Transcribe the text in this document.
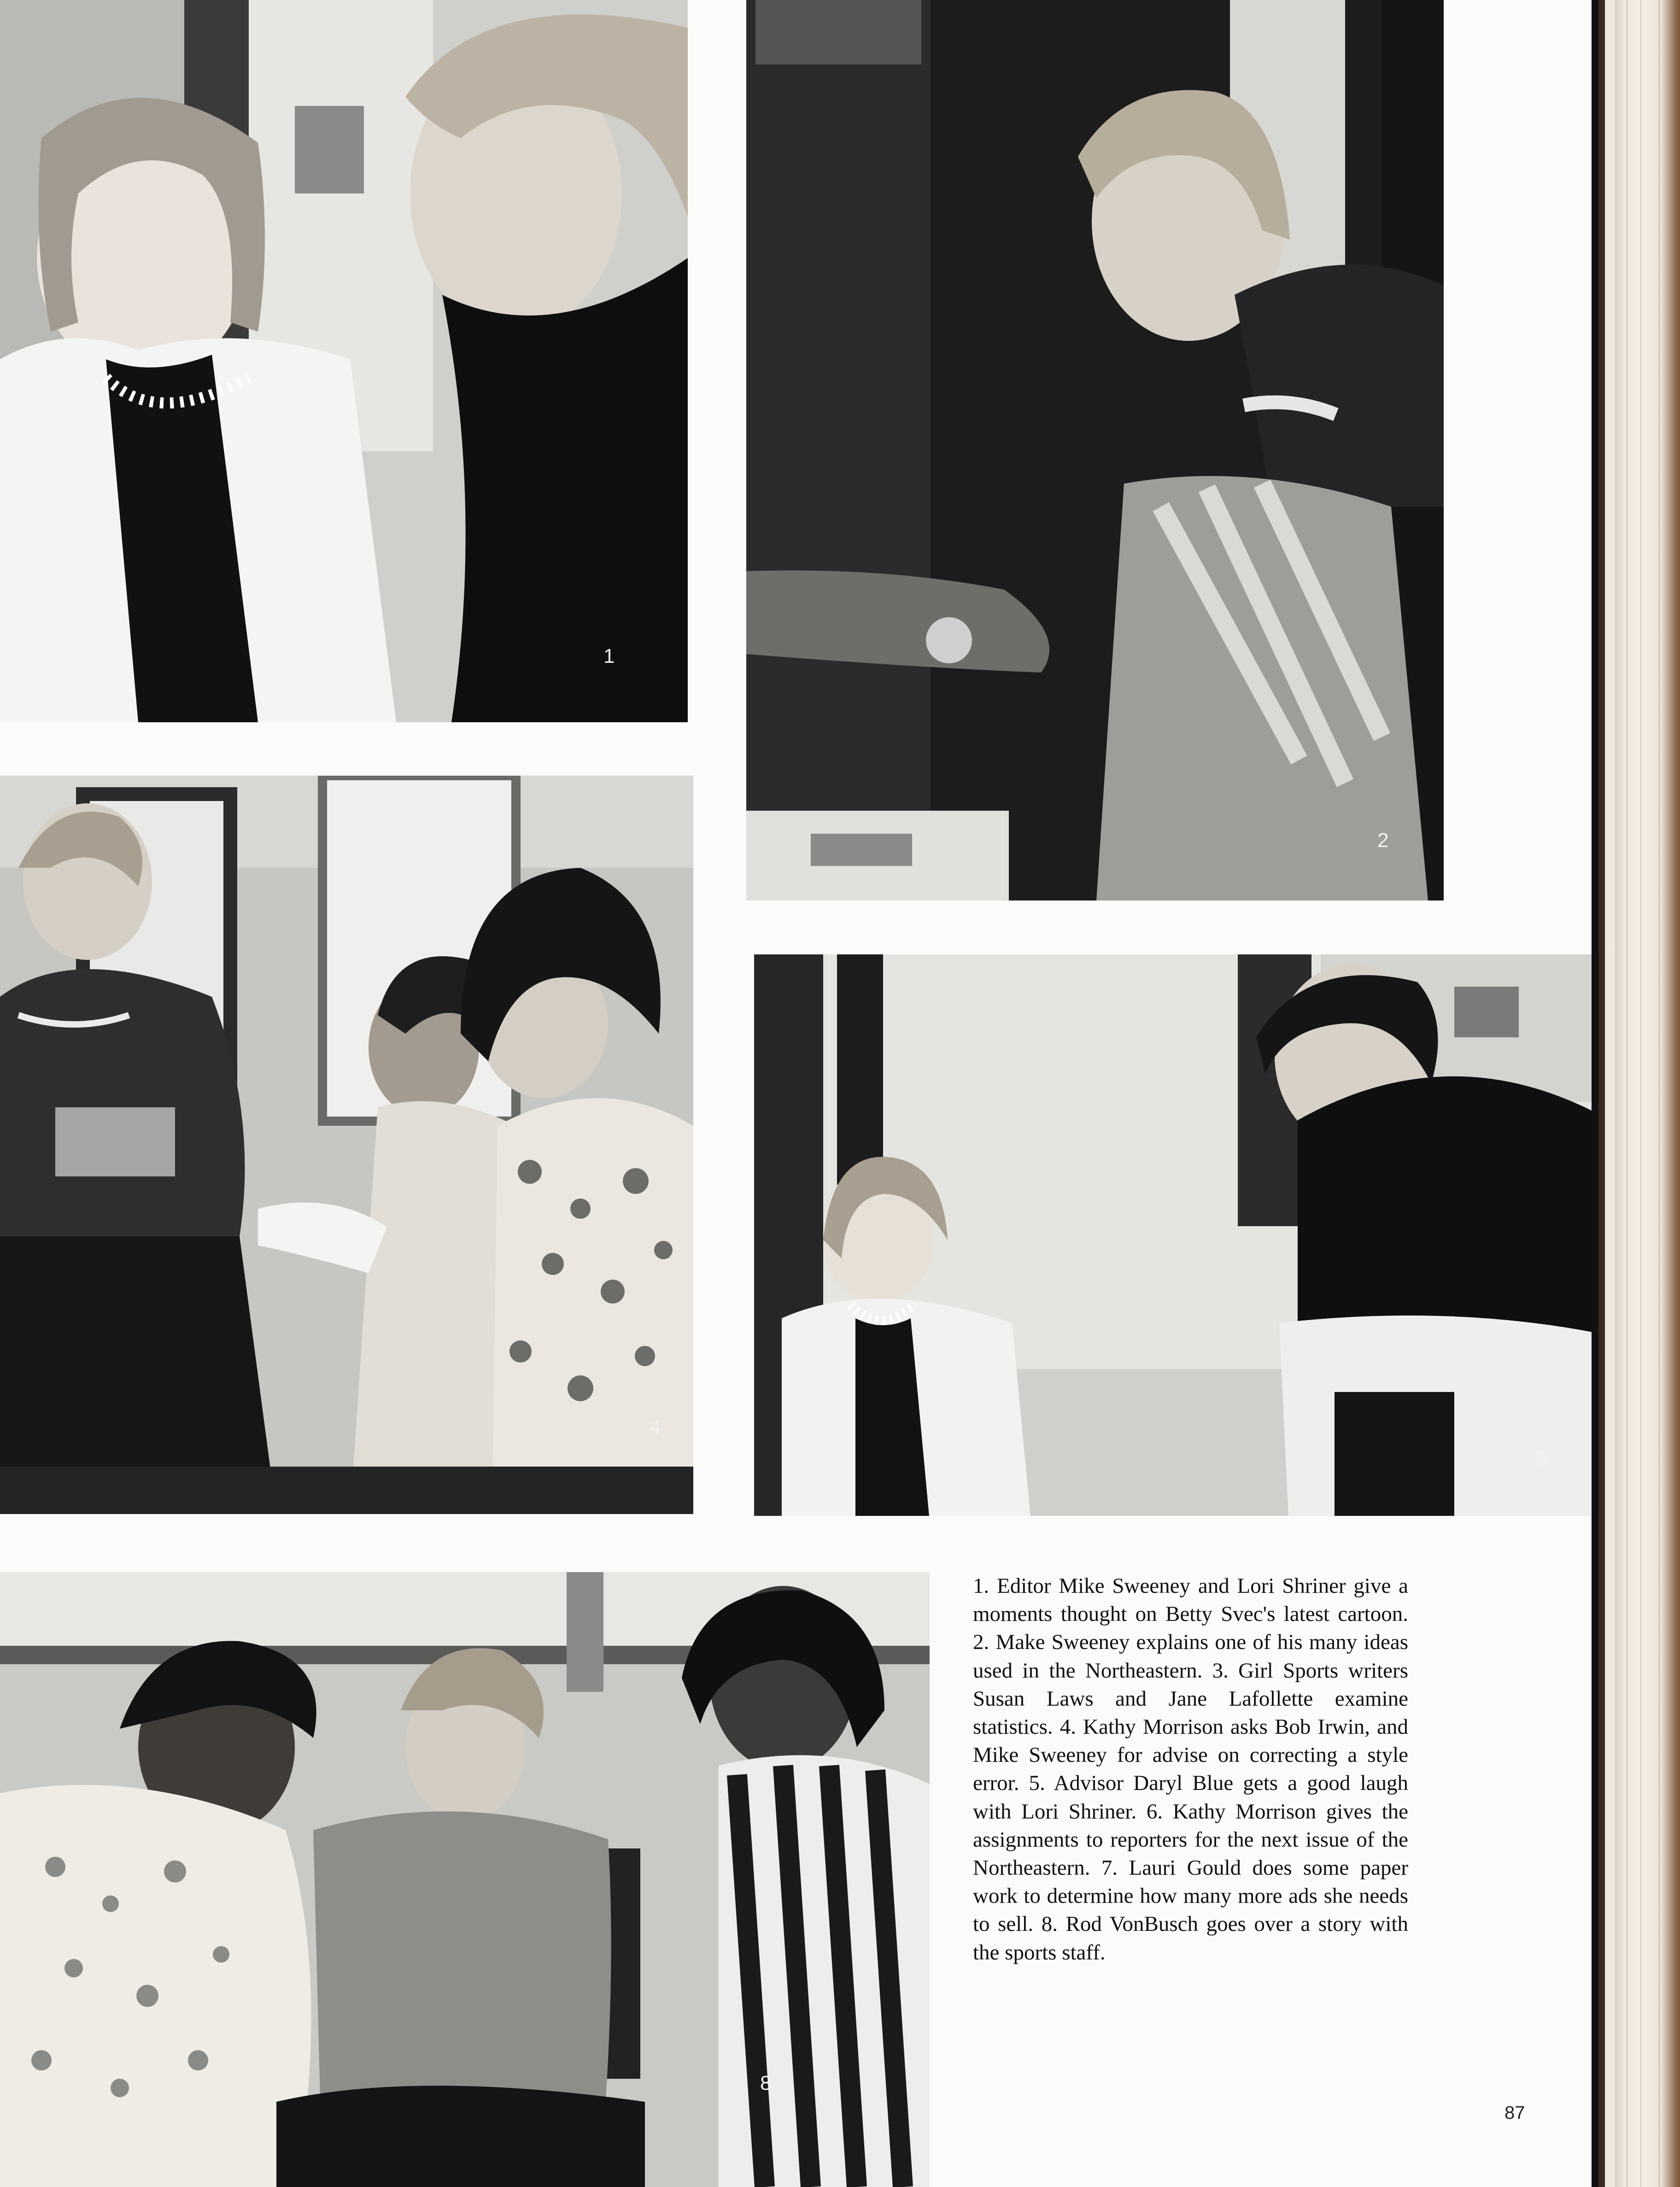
1
2
4
5
8

1. Editor Mike Sweeney and Lori Shriner give a moments thought on Betty Svec's latest cartoon. 2. Make Sweeney explains one of his many ideas used in the Northeastern. 3. Girl Sports writers Susan Laws and Jane Lafollette examine statistics. 4. Kathy Morrison asks Bob Irwin, and Mike Sweeney for advise on correcting a style error. 5. Advisor Daryl Blue gets a good laugh with Lori Shriner. 6. Kathy Morrison gives the assignments to reporters for the next issue of the Northeastern. 7. Lauri Gould does some paper work to determine how many more ads she needs to sell. 8. Rod VonBusch goes over a story with the sports staff.

87
